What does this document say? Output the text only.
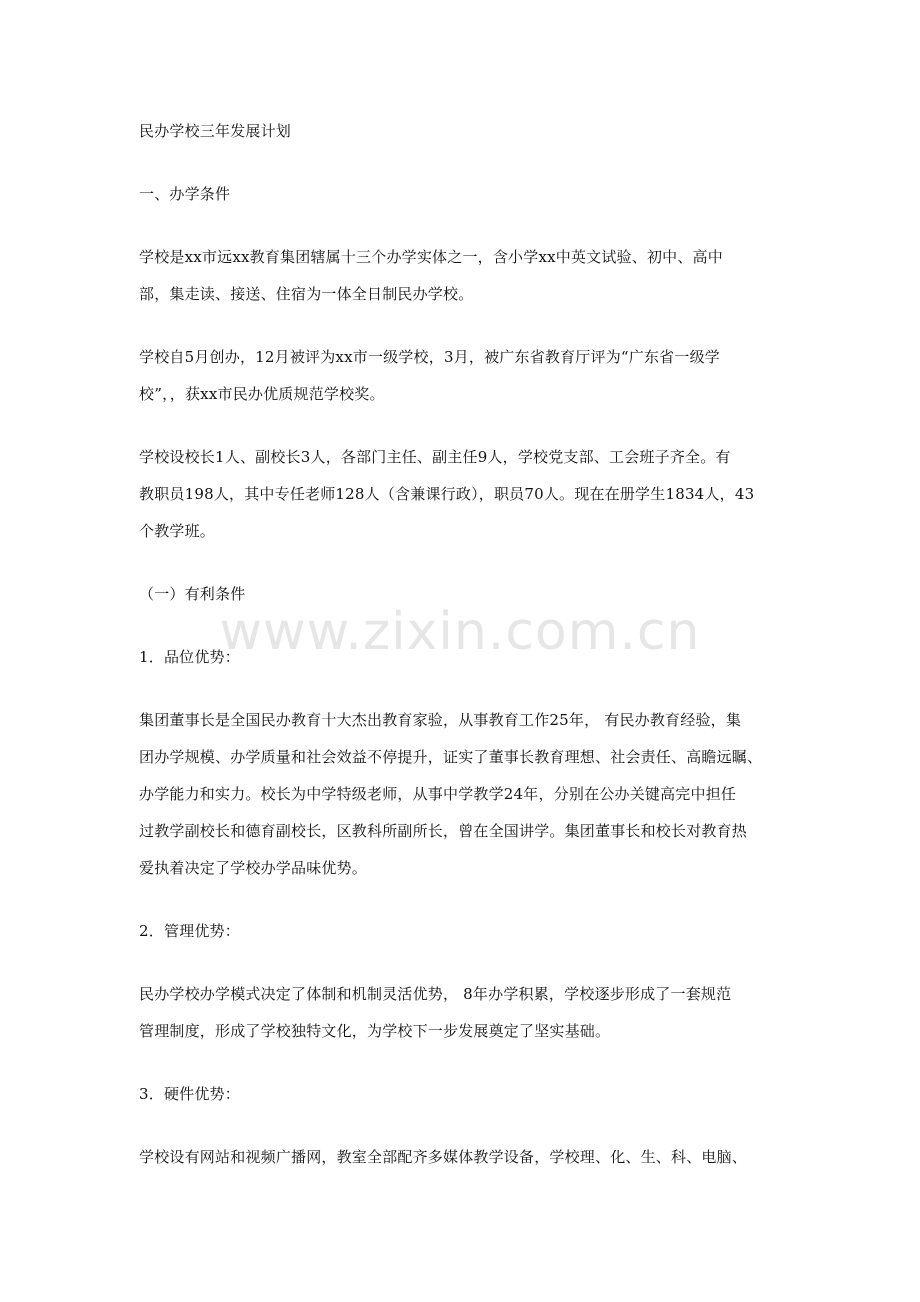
民办学校三年发展计划
一、办学条件
学校是xx市远xx教育集团辖属十三个办学实体之一，含小学xx中英文试验、初中、高中
部，集走读、接送、住宿为一体全日制民办学校。
学校自5月创办，12月被评为xx市一级学校，3月，被广东省教育厅评为“广东省一级学
校”，，获xx市民办优质规范学校奖。
学校设校长1人、副校长3人，各部门主任、副主任9人，学校党支部、工会班子齐全。有
教职员198人，其中专任老师128人（含兼课行政），职员70人。现在在册学生1834人，43
个教学班。
（一）有利条件
www.zixin.com.cn
1．品位优势：
集团董事长是全国民办教育十大杰出教育家验，从事教育工作25年， 有民办教育经验，集
团办学规模、办学质量和社会效益不停提升，证实了董事长教育理想、社会责任、高瞻远瞩、
办学能力和实力。校长为中学特级老师，从事中学教学24年，分别在公办关键高完中担任
过教学副校长和德育副校长，区教科所副所长，曾在全国讲学。集团董事长和校长对教育热
爱执着决定了学校办学品味优势。
2．管理优势：
民办学校办学模式决定了体制和机制灵活优势， 8年办学积累，学校逐步形成了一套规范
管理制度，形成了学校独特文化，为学校下一步发展奠定了坚实基础。
3．硬件优势：
学校设有网站和视频广播网，教室全部配齐多媒体教学设备，学校理、化、生、科、电脑、
